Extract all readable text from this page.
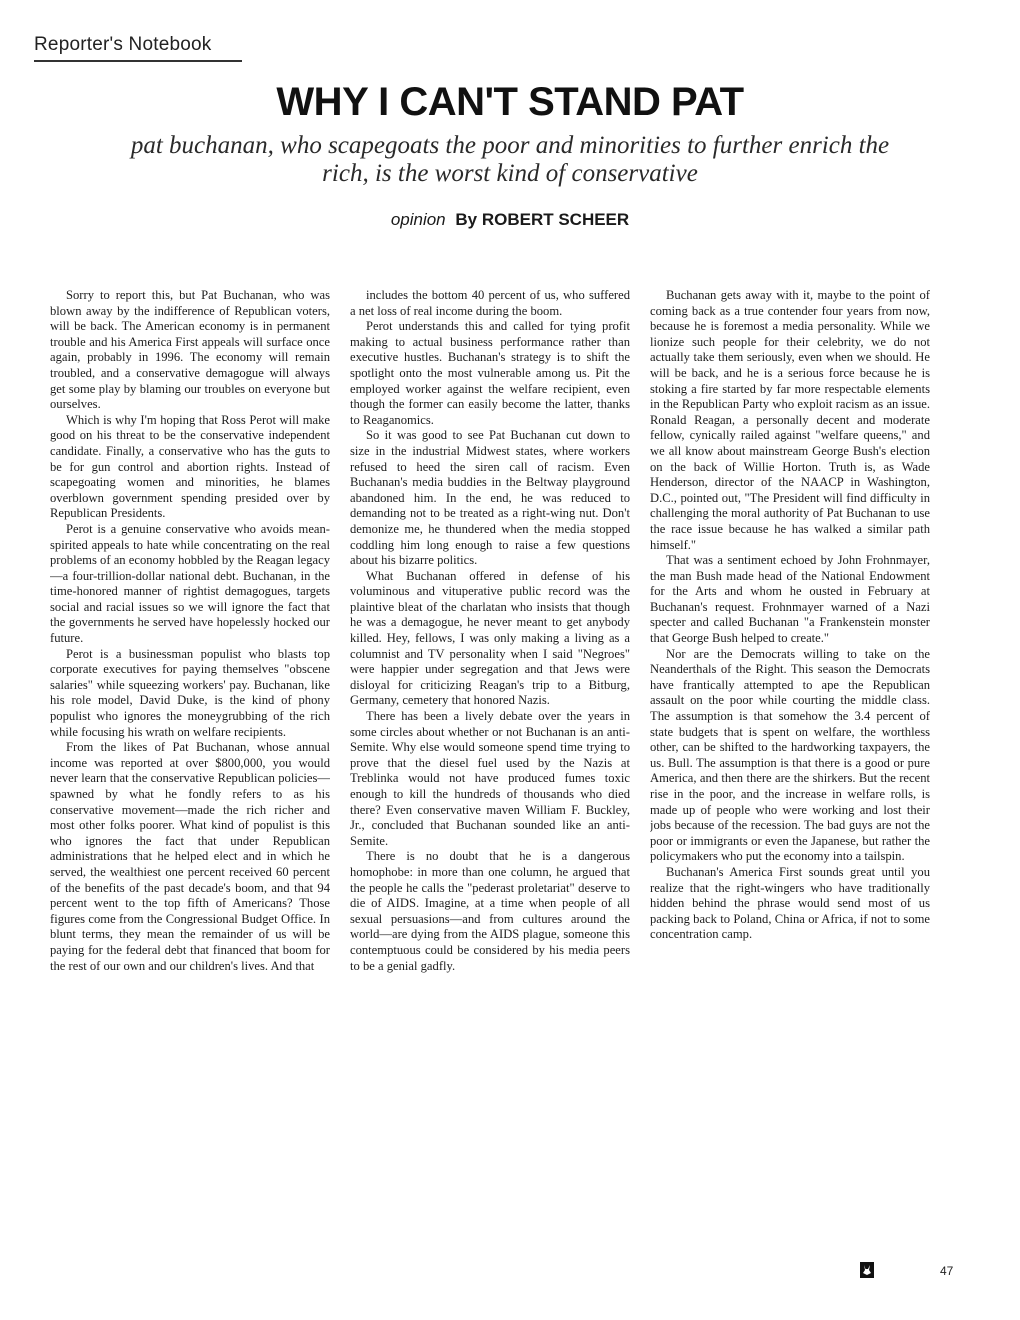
Reporter's Notebook
WHY I CAN'T STAND PAT
pat buchanan, who scapegoats the poor and minorities to further enrich the rich, is the worst kind of conservative
opinion By ROBERT SCHEER

Sorry to report this, but Pat Buchanan, who was blown away by the indifference of Republican voters, will be back. The American economy is in permanent trouble and his America First appeals will surface once again, probably in 1996. The economy will remain troubled, and a conservative demagogue will always get some play by blaming our troubles on everyone but ourselves.

Which is why I'm hoping that Ross Perot will make good on his threat to be the conservative independent candidate. Finally, a conservative who has the guts to be for gun control and abortion rights. Instead of scapegoating women and minorities, he blames overblown government spending presided over by Republican Presidents.

Perot is a genuine conservative who avoids mean-spirited appeals to hate while concentrating on the real problems of an economy hobbled by the Reagan legacy—a four-trillion-dollar national debt. Buchanan, in the time-honored manner of rightist demagogues, targets social and racial issues so we will ignore the fact that the governments he served have hopelessly hocked our future.

Perot is a businessman populist who blasts top corporate executives for paying themselves "obscene salaries" while squeezing workers' pay. Buchanan, like his role model, David Duke, is the kind of phony populist who ignores the moneygrubbing of the rich while focusing his wrath on welfare recipients.

From the likes of Pat Buchanan, whose annual income was reported at over $800,000, you would never learn that the conservative Republican policies—spawned by what he fondly refers to as his conservative movement—made the rich richer and most other folks poorer. What kind of populist is this who ignores the fact that under Republican administrations that he helped elect and in which he served, the wealthiest one percent received 60 percent of the benefits of the past decade's boom, and that 94 percent went to the top fifth of Americans? Those figures come from the Congressional Budget Office. In blunt terms, they mean the remainder of us will be paying for the federal debt that financed that boom for the rest of our own and our children's lives. And that

includes the bottom 40 percent of us, who suffered a net loss of real income during the boom.

Perot understands this and called for tying profit making to actual business performance rather than executive hustles. Buchanan's strategy is to shift the spotlight onto the most vulnerable among us. Pit the employed worker against the welfare recipient, even though the former can easily become the latter, thanks to Reaganomics.

So it was good to see Pat Buchanan cut down to size in the industrial Midwest states, where workers refused to heed the siren call of racism. Even Buchanan's media buddies in the Beltway playground abandoned him. In the end, he was reduced to demanding not to be treated as a right-wing nut. Don't demonize me, he thundered when the media stopped coddling him long enough to raise a few questions about his bizarre politics.

What Buchanan offered in defense of his voluminous and vituperative public record was the plaintive bleat of the charlatan who insists that though he was a demagogue, he never meant to get anybody killed. Hey, fellows, I was only making a living as a columnist and TV personality when I said "Negroes" were happier under segregation and that Jews were disloyal for criticizing Reagan's trip to a Bitburg, Germany, cemetery that honored Nazis.

There has been a lively debate over the years in some circles about whether or not Buchanan is an anti-Semite. Why else would someone spend time trying to prove that the diesel fuel used by the Nazis at Treblinka would not have produced fumes toxic enough to kill the hundreds of thousands who died there? Even conservative maven William F. Buckley, Jr., concluded that Buchanan sounded like an anti-Semite.

There is no doubt that he is a dangerous homophobe: in more than one column, he argued that the people he calls the "pederast proletariat" deserve to die of AIDS. Imagine, at a time when people of all sexual persuasions—and from cultures around the world—are dying from the AIDS plague, someone this contemptuous could be considered by his media peers to be a genial gadfly.

Buchanan gets away with it, maybe to the point of coming back as a true contender four years from now, because he is foremost a media personality. While we lionize such people for their celebrity, we do not actually take them seriously, even when we should. He will be back, and he is a serious force because he is stoking a fire started by far more respectable elements in the Republican Party who exploit racism as an issue. Ronald Reagan, a personally decent and moderate fellow, cynically railed against "welfare queens," and we all know about mainstream George Bush's election on the back of Willie Horton. Truth is, as Wade Henderson, director of the NAACP in Washington, D.C., pointed out, "The President will find difficulty in challenging the moral authority of Pat Buchanan to use the race issue because he has walked a similar path himself."

That was a sentiment echoed by John Frohnmayer, the man Bush made head of the National Endowment for the Arts and whom he ousted in February at Buchanan's request. Frohnmayer warned of a Nazi specter and called Buchanan "a Frankenstein monster that George Bush helped to create."

Nor are the Democrats willing to take on the Neanderthals of the Right. This season the Democrats have frantically attempted to ape the Republican assault on the poor while courting the middle class. The assumption is that somehow the 3.4 percent of state budgets that is spent on welfare, the worthless other, can be shifted to the hardworking taxpayers, the us. Bull. The assumption is that there is a good or pure America, and then there are the shirkers. But the recent rise in the poor, and the increase in welfare rolls, is made up of people who were working and lost their jobs because of the recession. The bad guys are not the poor or immigrants or even the Japanese, but rather the policymakers who put the economy into a tailspin.

Buchanan's America First sounds great until you realize that the right-wingers who have traditionally hidden behind the phrase would send most of us packing back to Poland, China or Africa, if not to some concentration camp.

47
